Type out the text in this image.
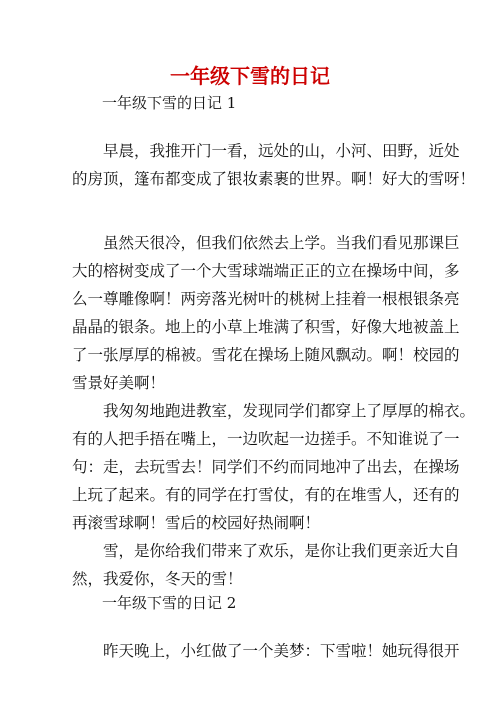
一年级下雪的日记
一年级下雪的日记 1
早晨，我推开门一看，远处的山，小河、田野，近处
的房顶，篷布都变成了银妆素裹的世界。啊！好大的雪呀！
虽然天很冷，但我们依然去上学。当我们看见那课巨
大的榕树变成了一个大雪球端端正正的立在操场中间，多
么一尊雕像啊！两旁落光树叶的桃树上挂着一根根银条亮
晶晶的银条。地上的小草上堆满了积雪，好像大地被盖上
了一张厚厚的棉被。雪花在操场上随风飘动。啊！校园的
雪景好美啊！
我匆匆地跑进教室，发现同学们都穿上了厚厚的棉衣。
有的人把手捂在嘴上，一边吹起一边搓手。不知谁说了一
句：走，去玩雪去！同学们不约而同地冲了出去，在操场
上玩了起来。有的同学在打雪仗，有的在堆雪人，还有的
再滚雪球啊！雪后的校园好热闹啊！
雪，是你给我们带来了欢乐，是你让我们更亲近大自
然，我爱你，冬天的雪！
一年级下雪的日记 2
昨天晚上，小红做了一个美梦：下雪啦！她玩得很开
